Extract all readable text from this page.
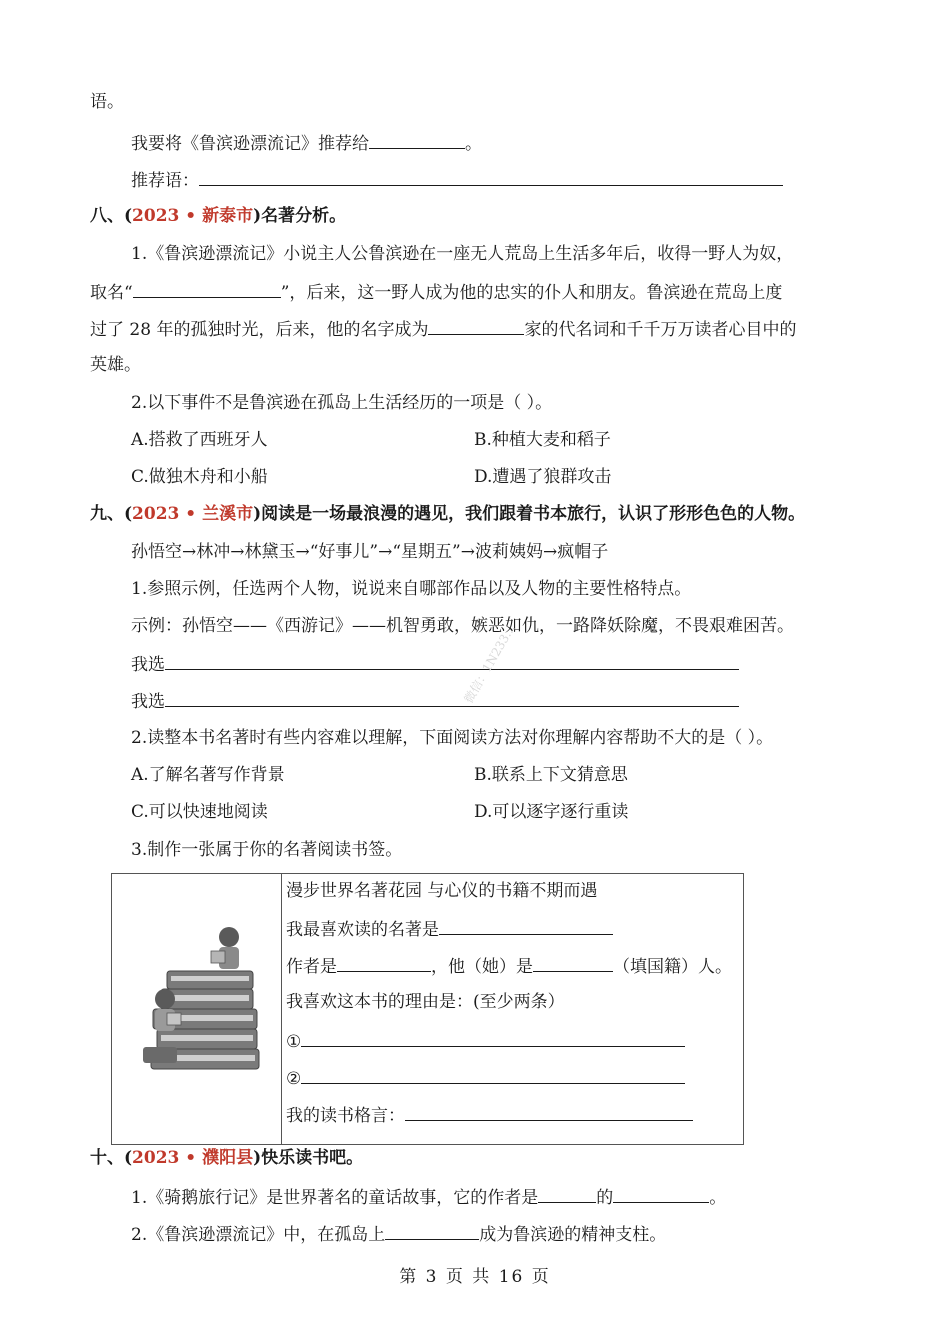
语。
我要将《鲁滨逊漂流记》推荐给	。
推荐语：
八、(2023 • 新泰市)名著分析。
1.《鲁滨逊漂流记》小说主人公鲁滨逊在一座无人荒岛上生活多年后，收得一野人为奴，
取名“	”，后来，这一野人成为他的忠实的仆人和朋友。鲁滨逊在荒岛上度
过了 28 年的孤独时光，后来，他的名字成为	家的代名词和千千万万读者心目中的
英雄。
2.以下事件不是鲁滨逊在孤岛上生活经历的一项是（ ）。
A.搭救了西班牙人	B.种植大麦和稻子
C.做独木舟和小船	D.遭遇了狼群攻击
九、(2023 • 兰溪市)阅读是一场最浪漫的遇见，我们跟着书本旅行，认识了形形色色的人物。
孙悟空→林冲→林黛玉→“好事儿”→“星期五”→波莉姨妈→疯帽子
1.参照示例，任选两个人物，说说来自哪部作品以及人物的主要性格特点。
示例：孙悟空——《西游记》——机智勇敢，嫉恶如仇，一路降妖除魔，不畏艰难困苦。
我选
我选
2.读整本书名著时有些内容难以理解，下面阅读方法对你理解内容帮助不大的是（ ）。
A.了解名著写作背景	B.联系上下文猜意思
C.可以快速地阅读	D.可以逐字逐行重读
3.制作一张属于你的名著阅读书签。
漫步世界名著花园 与心仪的书籍不期而遇
我最喜欢读的名著是
作者是	，他（她）是	（填国籍）人。
我喜欢这本书的理由是：(至少两条）
①
②
我的读书格言：
十、(2023 • 濮阳县)快乐读书吧。
1.《骑鹅旅行记》是世界著名的童话故事，它的作者是	的	。
2.《鲁滨逊漂流记》中，在孤岛上	成为鲁滨逊的精神支柱。
微信：1N233...
第 3 页 共 16 页
